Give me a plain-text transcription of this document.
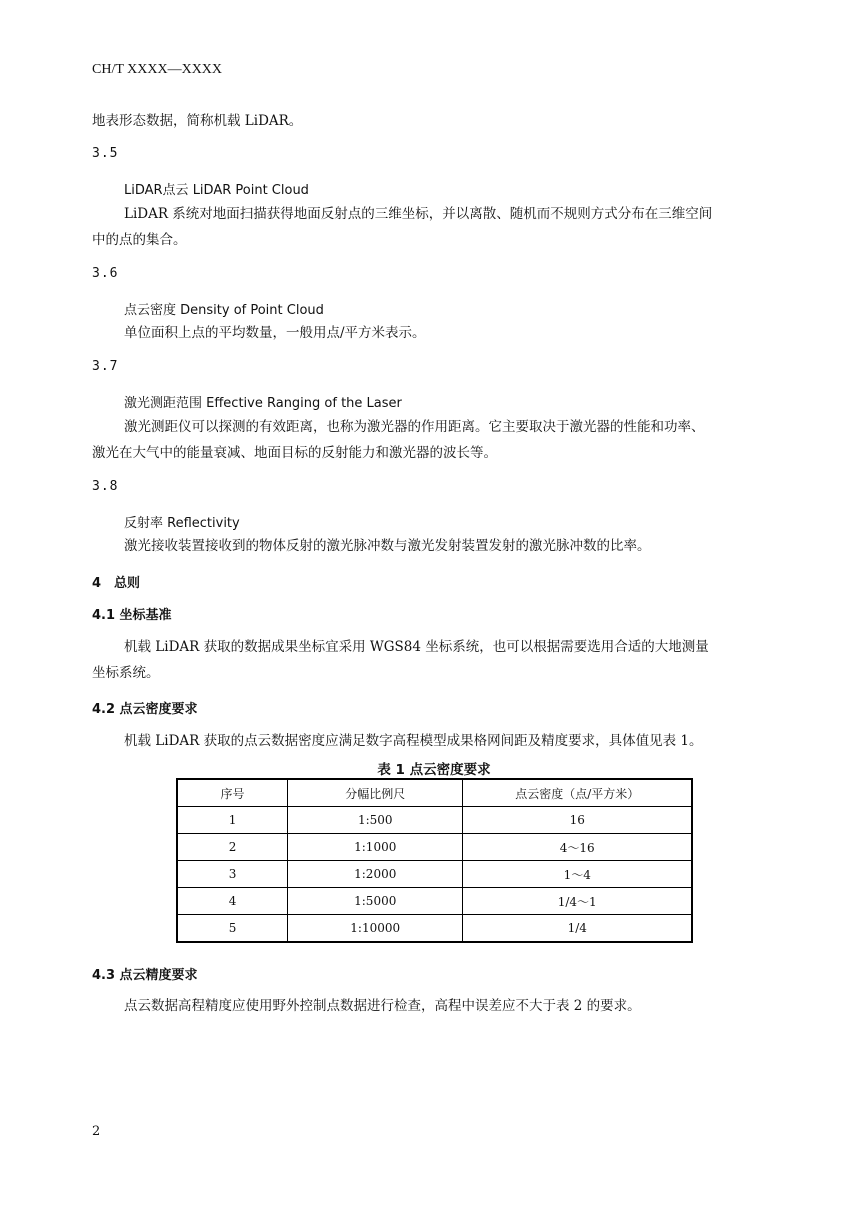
CH/T XXXX—XXXX
地表形态数据，简称机载 LiDAR。
3.5
LiDAR点云 LiDAR Point Cloud
LiDAR 系统对地面扫描获得地面反射点的三维坐标，并以离散、随机而不规则方式分布在三维空间
中的点的集合。
3.6
点云密度 Density of Point Cloud
单位面积上点的平均数量，一般用点/平方米表示。
3.7
激光测距范围 Effective Ranging of the Laser
激光测距仪可以探测的有效距离，也称为激光器的作用距离。它主要取决于激光器的性能和功率、
激光在大气中的能量衰减、地面目标的反射能力和激光器的波长等。
3.8
反射率 Reflectivity
激光接收装置接收到的物体反射的激光脉冲数与激光发射装置发射的激光脉冲数的比率。
4　总则
4.1 坐标基准
机载 LiDAR 获取的数据成果坐标宜采用 WGS84 坐标系统，也可以根据需要选用合适的大地测量
坐标系统。
4.2 点云密度要求
机载 LiDAR 获取的点云数据密度应满足数字高程模型成果格网间距及精度要求，具体值见表 1。
表 1 点云密度要求
序号	分幅比例尺	点云密度（点/平方米）
1	1:500	16
2	1:1000	4～16
3	1:2000	1～4
4	1:5000	1/4～1
5	1:10000	1/4
4.3 点云精度要求
点云数据高程精度应使用野外控制点数据进行检查，高程中误差应不大于表 2 的要求。
2
